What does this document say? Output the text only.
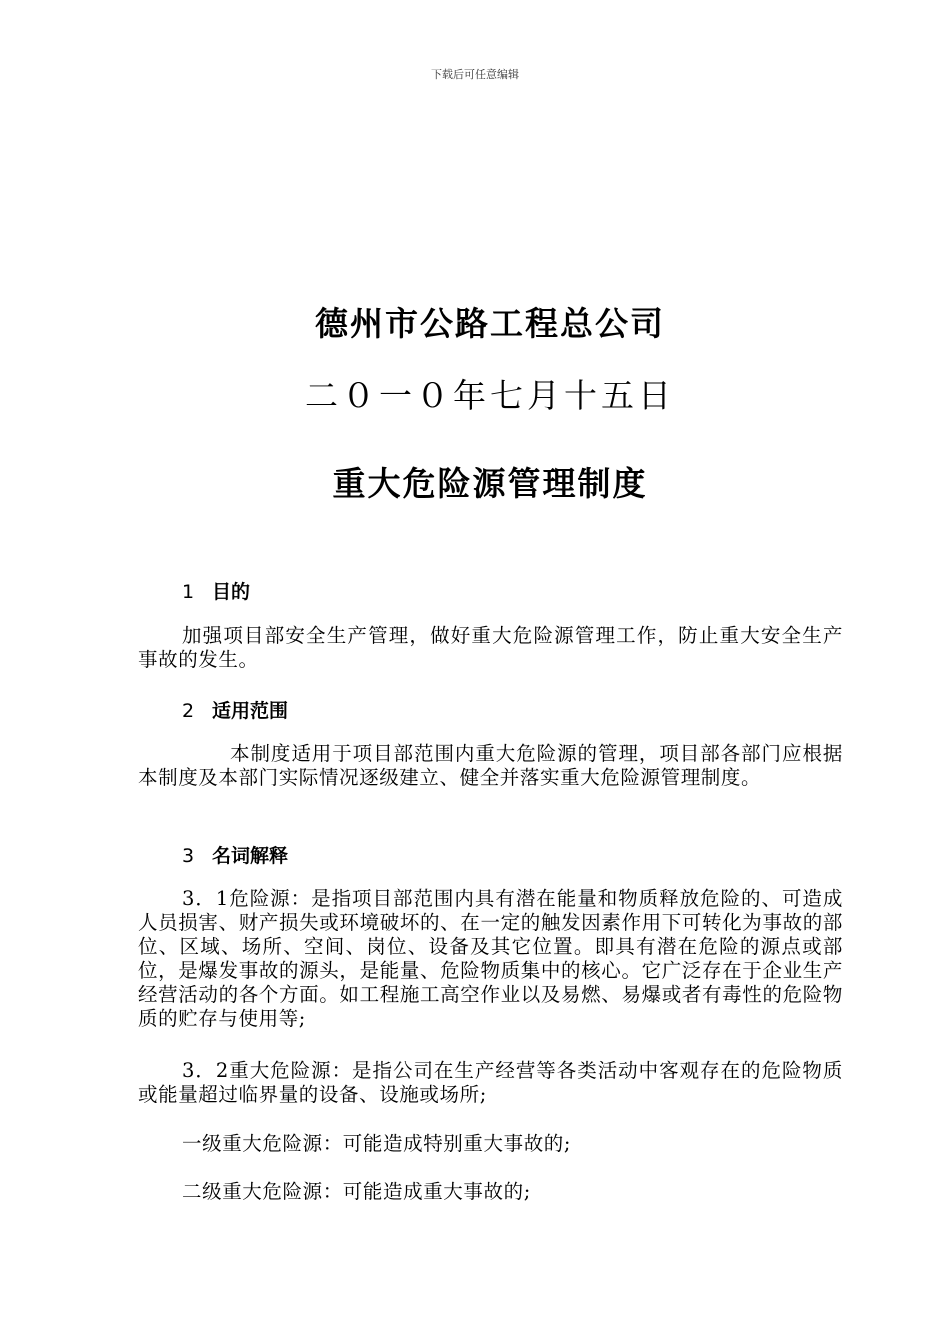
下载后可任意编辑
德州市公路工程总公司
二０一０年七月十五日
重大危险源管理制度
1 目的

加强项目部安全生产管理，做好重大危险源管理工作，防止重大安全生产事故的发生。

2 适用范围

本制度适用于项目部范围内重大危险源的管理，项目部各部门应根据本制度及本部门实际情况逐级建立、健全并落实重大危险源管理制度。

3 名词解释

3．1危险源：是指项目部范围内具有潜在能量和物质释放危险的、可造成人员损害、财产损失或环境破坏的、在一定的触发因素作用下可转化为事故的部位、区域、场所、空间、岗位、设备及其它位置。即具有潜在危险的源点或部位，是爆发事故的源头，是能量、危险物质集中的核心。它广泛存在于企业生产经营活动的各个方面。如工程施工高空作业以及易燃、易爆或者有毒性的危险物质的贮存与使用等;

3．2重大危险源：是指公司在生产经营等各类活动中客观存在的危险物质或能量超过临界量的设备、设施或场所;

一级重大危险源：可能造成特别重大事故的;

二级重大危险源：可能造成重大事故的;
